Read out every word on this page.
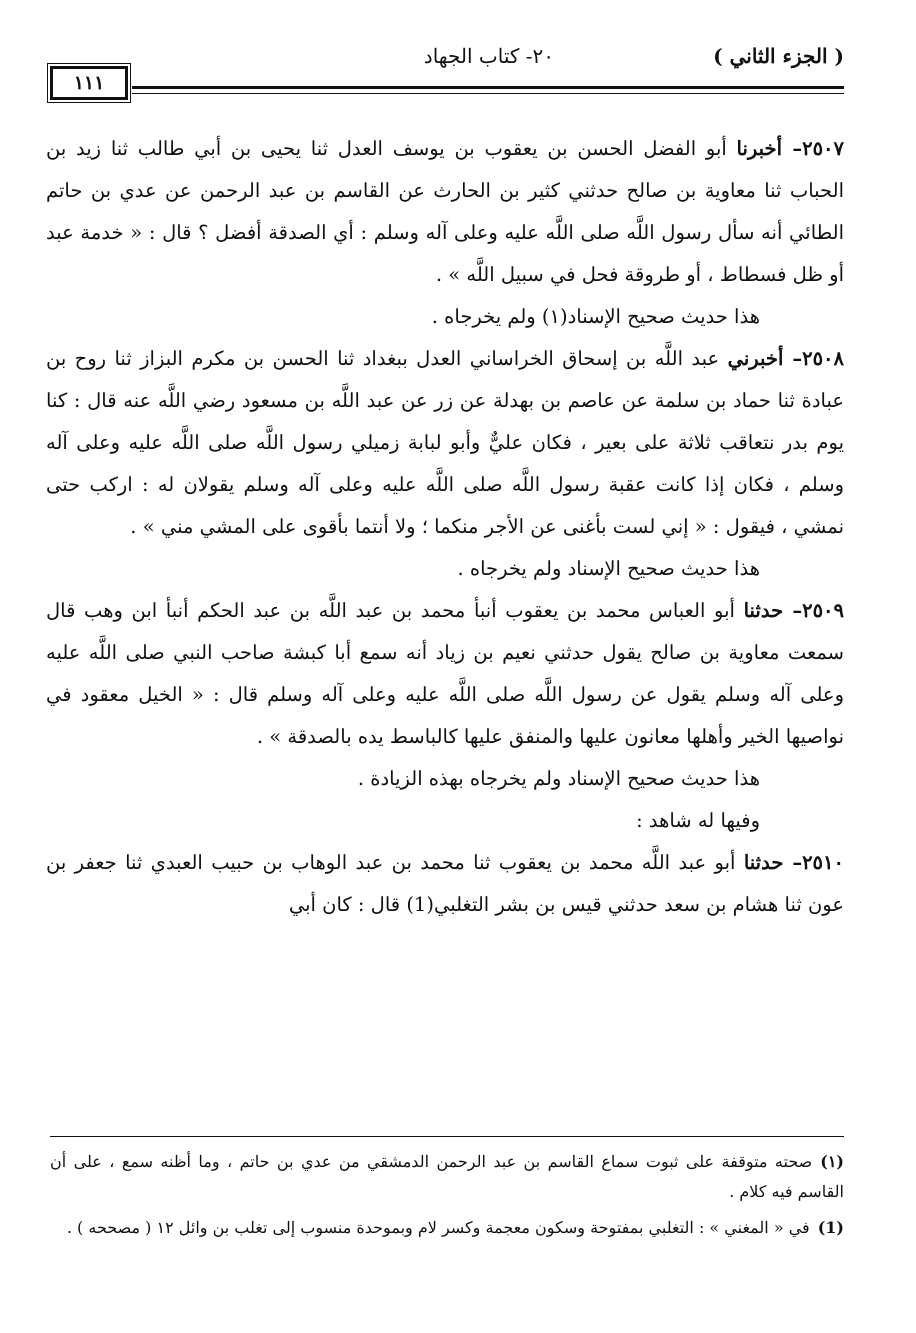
( الجزء الثاني )
٢٠- كتاب الجهاد
١١١

٢٥٠٧– أخبرنا أبو الفضل الحسن بن يعقوب بن يوسف العدل ثنا يحيى بن أبي طالب ثنا زيد بن الحباب ثنا معاوية بن صالح حدثني كثير بن الحارث عن القاسم بن عبد الرحمن عن عدي بن حاتم الطائي أنه سأل رسول اللَّه صلى اللَّه عليه وعلى آله وسلم : أي الصدقة أفضل ؟ قال : « خدمة عبد أو ظل فسطاط ، أو طروقة فحل في سبيل اللَّه » .

هذا حديث صحيح الإسناد(١) ولم يخرجاه .

٢٥٠٨– أخبرني عبد اللَّه بن إسحاق الخراساني العدل ببغداد ثنا الحسن بن مكرم البزاز ثنا روح بن عبادة ثنا حماد بن سلمة عن عاصم بن بهدلة عن زر عن عبد اللَّه بن مسعود رضي اللَّه عنه قال : كنا يوم بدر نتعاقب ثلاثة على بعير ، فكان عليٌّ وأبو لبابة زميلي رسول اللَّه صلى اللَّه عليه وعلى آله وسلم ، فكان إذا كانت عقبة رسول اللَّه صلى اللَّه عليه وعلى آله وسلم يقولان له : اركب حتى نمشي ، فيقول : « إني لست بأغنى عن الأجر منكما ؛ ولا أنتما بأقوى على المشي مني » .

هذا حديث صحيح الإسناد ولم يخرجاه .

٢٥٠٩– حدثنا أبو العباس محمد بن يعقوب أنبأ محمد بن عبد اللَّه بن عبد الحكم أنبأ ابن وهب قال سمعت معاوية بن صالح يقول حدثني نعيم بن زياد أنه سمع أبا كبشة صاحب النبي صلى اللَّه عليه وعلى آله وسلم يقول عن رسول اللَّه صلى اللَّه عليه وعلى آله وسلم قال : « الخيل معقود في نواصيها الخير وأهلها معانون عليها والمنفق عليها كالباسط يده بالصدقة » .

هذا حديث صحيح الإسناد ولم يخرجاه بهذه الزيادة .

وفيها له شاهد :

٢٥١٠– حدثنا أبو عبد اللَّه محمد بن يعقوب ثنا محمد بن عبد الوهاب بن حبيب العبدي ثنا جعفر بن عون ثنا هشام بن سعد حدثني قيس بن بشر التغلبي(1) قال : كان أبي

(١)صحته متوقفة على ثبوت سماع القاسم بن عبد الرحمن الدمشقي من عدي بن حاتم ، وما أظنه سمع ، على أن القاسم فيه كلام .

(1)في « المغني » : التغلبي بمفتوحة وسكون معجمة وكسر لام وبموحدة منسوب إلى تغلب بن وائل ١٢ ( مصححه ) .
